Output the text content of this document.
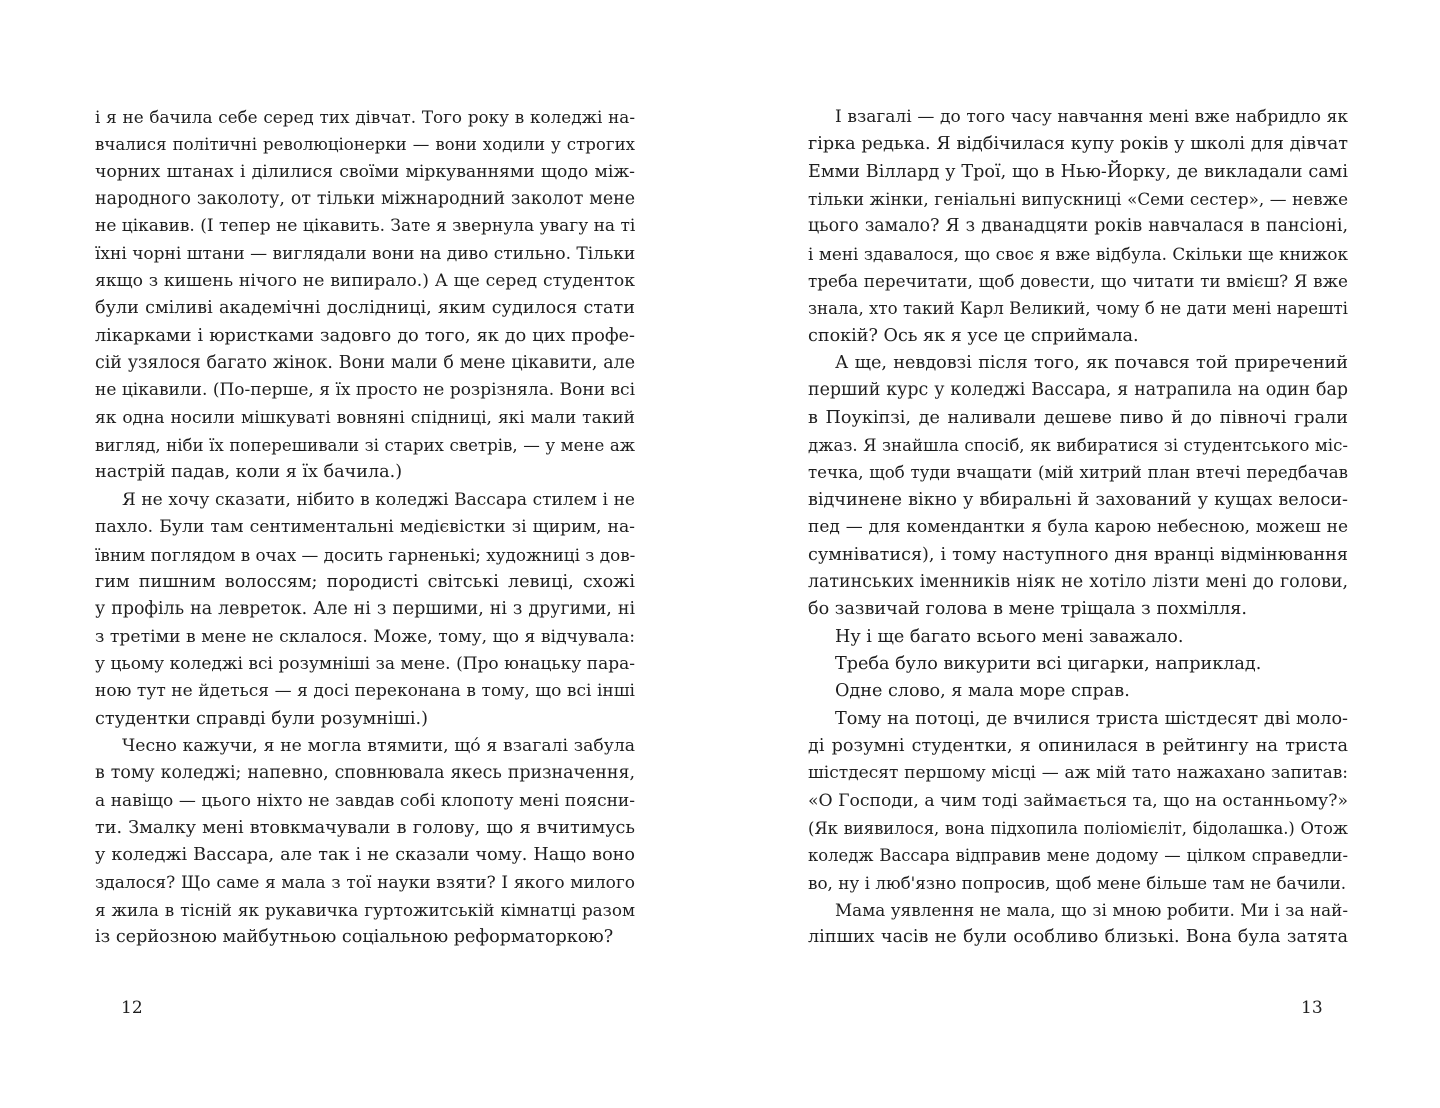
і я не бачила себе серед тих дівчат. Того року в коледжі на-
вчалися політичні революціонерки — вони ходили у строгих
чорних штанах і ділилися своїми міркуваннями щодо між-
народного заколоту, от тільки міжнародний заколот мене
не цікавив. (І тепер не цікавить. Зате я звернула увагу на ті
їхні чорні штани — виглядали вони на диво стильно. Тільки
якщо з кишень нічого не випирало.) А ще серед студенток
були сміливі академічні дослідниці, яким судилося стати
лікарками і юристками задовго до того, як до цих профе-
сій узялося багато жінок. Вони мали б мене цікавити, але
не цікавили. (По-перше, я їх просто не розрізняла. Вони всі
як одна носили мішкуваті вовняні спідниці, які мали такий
вигляд, ніби їх поперешивали зі старих светрів, — у мене аж
настрій падав, коли я їх бачила.)
Я не хочу сказати, нібито в коледжі Вассара стилем і не
пахло. Були там сентиментальні медієвістки зі щирим, на-
ївним поглядом в очах — досить гарненькі; художниці з дов-
гим пишним волоссям; породисті світські левиці, схожі
у профіль на левреток. Але ні з першими, ні з другими, ні
з третіми в мене не склалося. Може, тому, що я відчувала:
у цьому коледжі всі розумніші за мене. (Про юнацьку пара-
ною тут не йдеться — я досі переконана в тому, що всі інші
студентки справді були розумніші.)
Чесно кажучи, я не могла втямити, щó я взагалі забула
в тому коледжі; напевно, сповнювала якесь призначення,
а навіщо — цього ніхто не завдав собі клопоту мені поясни-
ти. Змалку мені втовкмачували в голову, що я вчитимусь
у коледжі Вассара, але так і не сказали чому. Нащо воно
здалося? Що саме я мала з тої науки взяти? І якого милого
я жила в тісній як рукавичка гуртожитській кімнатці разом
із серйозною майбутньою соціальною реформаторкою?
12
І взагалі — до того часу навчання мені вже набридло як
гірка редька. Я відбічилася купу років у школі для дівчат
Емми Віллард у Трої, що в Нью-Йорку, де викладали самі
тільки жінки, геніальні випускниці «Семи сестер», — невже
цього замало? Я з дванадцяти років навчалася в пансіоні,
і мені здавалося, що своє я вже відбула. Скільки ще книжок
треба перечитати, щоб довести, що читати ти вмієш? Я вже
знала, хто такий Карл Великий, чому б не дати мені нарешті
спокій? Ось як я усе це сприймала.
А ще, невдовзі після того, як почався той приречений
перший курс у коледжі Вассара, я натрапила на один бар
в Поукіпзі, де наливали дешеве пиво й до півночі грали
джаз. Я знайшла спосіб, як вибиратися зі студентського міс-
течка, щоб туди вчащати (мій хитрий план втечі передбачав
відчинене вікно у вбиральні й захований у кущах велоси-
пед — для комендантки я була карою небесною, можеш не
сумніватися), і тому наступного дня вранці відмінювання
латинських іменників ніяк не хотіло лізти мені до голови,
бо зазвичай голова в мене тріщала з похмілля.
Ну і ще багато всього мені заважало.
Треба було викурити всі цигарки, наприклад.
Одне слово, я мала море справ.
Тому на потоці, де вчилися триста шістдесят дві моло-
ді розумні студентки, я опинилася в рейтингу на триста
шістдесят першому місці — аж мій тато нажахано запитав:
«О Господи, а чим тоді займається та, що на останньому?»
(Як виявилося, вона підхопила поліомієліт, бідолашка.) Отож
коледж Вассара відправив мене додому — цілком справедли-
во, ну і люб'язно попросив, щоб мене більше там не бачили.
Мама уявлення не мала, що зі мною робити. Ми і за най-
ліпших часів не були особливо близькі. Вона була затята
13
